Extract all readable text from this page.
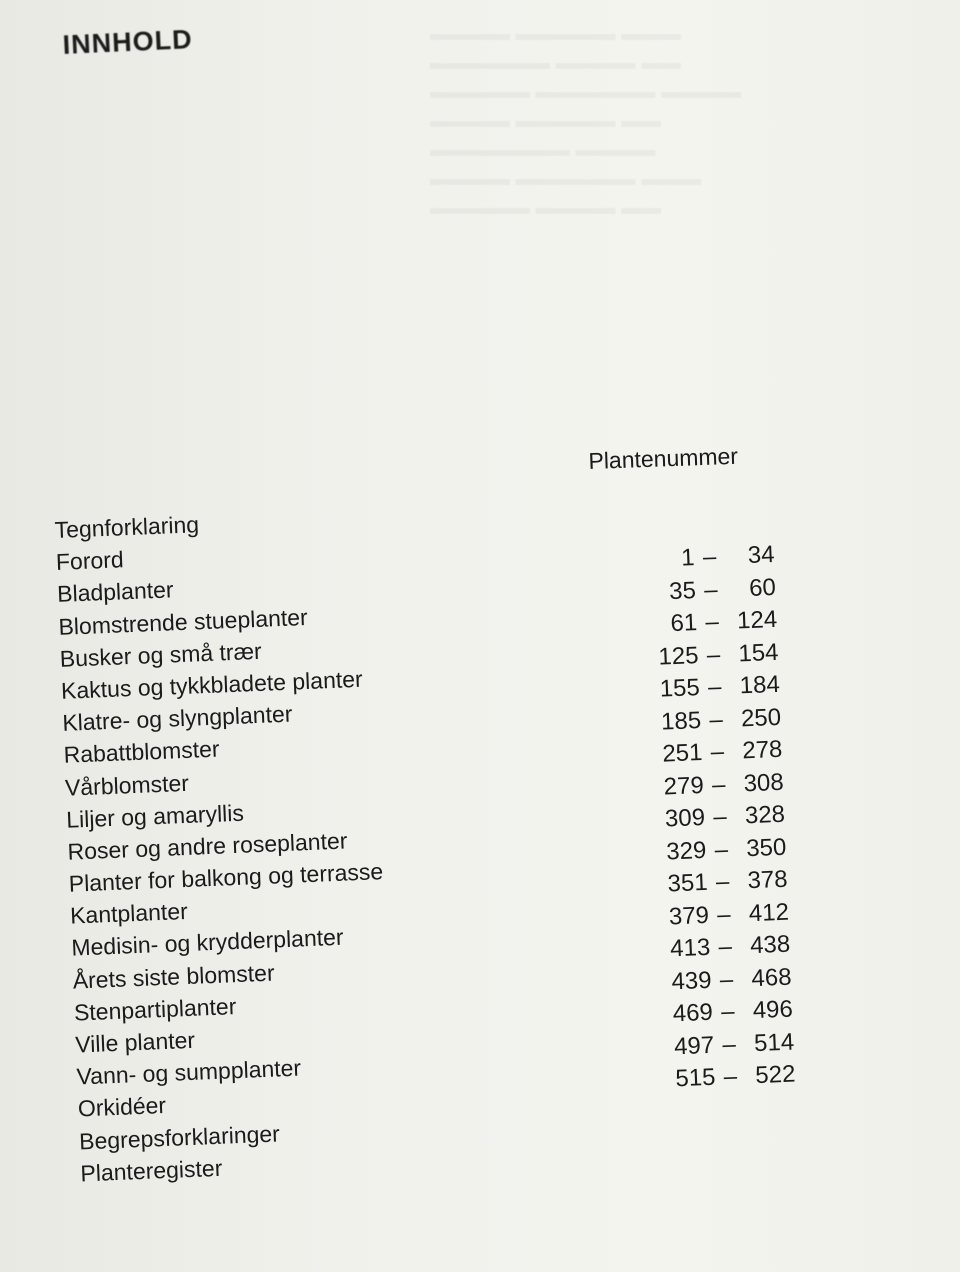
INNHOLD
Plantenummer
Tegnforklaring
Forord
Bladplanter
Blomstrende stueplanter
Busker og små trær
Kaktus og tykkbladete planter
Klatre- og slyngplanter
Rabattblomster
Vårblomster
Liljer og amaryllis
Roser og andre roseplanter
Planter for balkong og terrasse
Kantplanter
Medisin- og krydderplanter
Årets siste blomster
Stenpartiplanter
Ville planter
Vann- og sumpplanter
Orkidéer
Begrepsforklaringer
Planteregister
1 –	34
35 –	60
61 – 124
125 – 154
155 – 184
185 – 250
251 – 278
279 – 308
309 – 328
329 – 350
351 – 378
379 – 412
413 – 438
439 – 468
469 – 496
497 – 514
515 – 522
